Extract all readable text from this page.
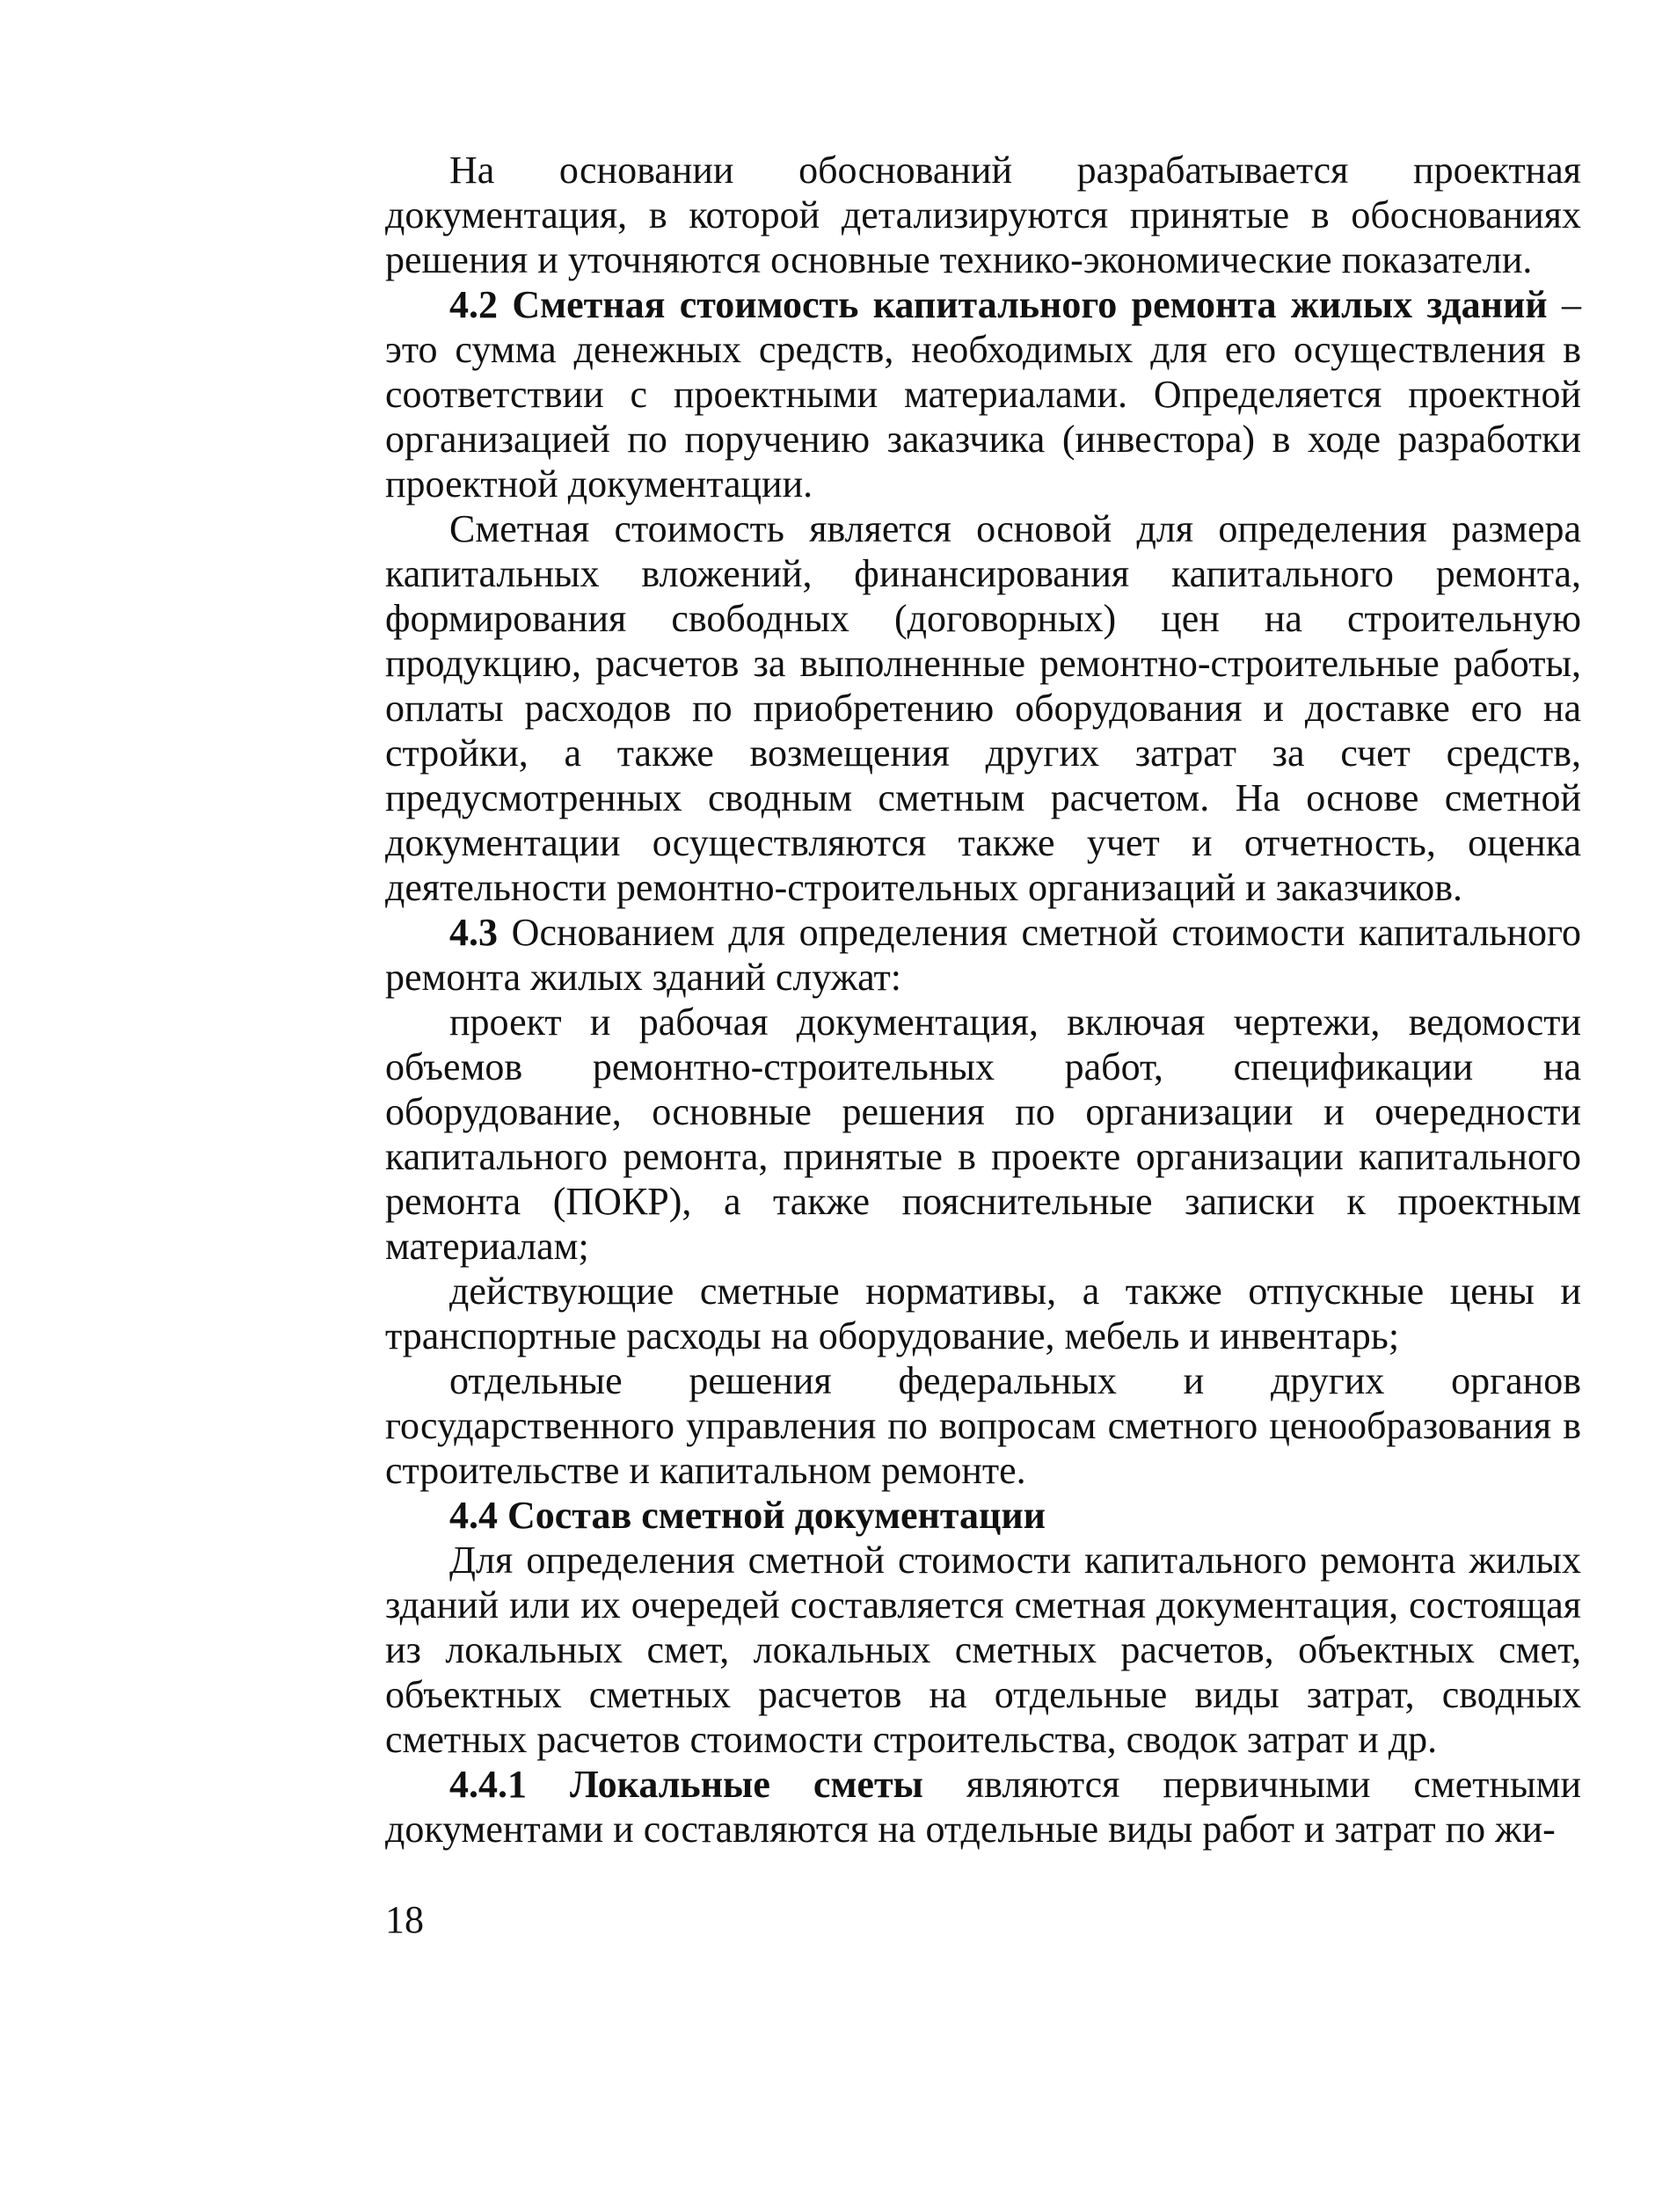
На основании обоснований разрабатывается проектная документация, в которой детализируются принятые в обоснованиях решения и уточняются основные технико-экономические показатели.

4.2 Сметная стоимость капитального ремонта жилых зданий – это сумма денежных средств, необходимых для его осуществления в соответствии с проектными материалами. Определяется проектной организацией по поручению заказчика (инвестора) в ходе разработки проектной документации.

Сметная стоимость является основой для определения размера капитальных вложений, финансирования капитального ремонта, формирования свободных (договорных) цен на строительную продукцию, расчетов за выполненные ремонтно-строительные работы, оплаты расходов по приобретению оборудования и доставке его на стройки, а также возмещения других затрат за счет средств, предусмотренных сводным сметным расчетом. На основе сметной документации осуществляются также учет и отчетность, оценка деятельности ремонтно-строительных организаций и заказчиков.

4.3 Основанием для определения сметной стоимости капитального ремонта жилых зданий служат:

проект и рабочая документация, включая чертежи, ведомости объемов ремонтно-строительных работ, спецификации на оборудование, основные решения по организации и очередности капитального ремонта, принятые в проекте организации капитального ремонта (ПОКР), а также пояснительные записки к проектным материалам;

действующие сметные нормативы, а также отпускные цены и транспортные расходы на оборудование, мебель и инвентарь;

отдельные решения федеральных и других органов государственного управления по вопросам сметного ценообразования в строительстве и капитальном ремонте.

4.4 Состав сметной документации

Для определения сметной стоимости капитального ремонта жилых зданий или их очередей составляется сметная документация, состоящая из локальных смет, локальных сметных расчетов, объектных смет, объектных сметных расчетов на отдельные виды затрат, сводных сметных расчетов стоимости строительства, сводок затрат и др.

4.4.1 Локальные сметы являются первичными сметными документами и составляются на отдельные виды работ и затрат по жи-

18
